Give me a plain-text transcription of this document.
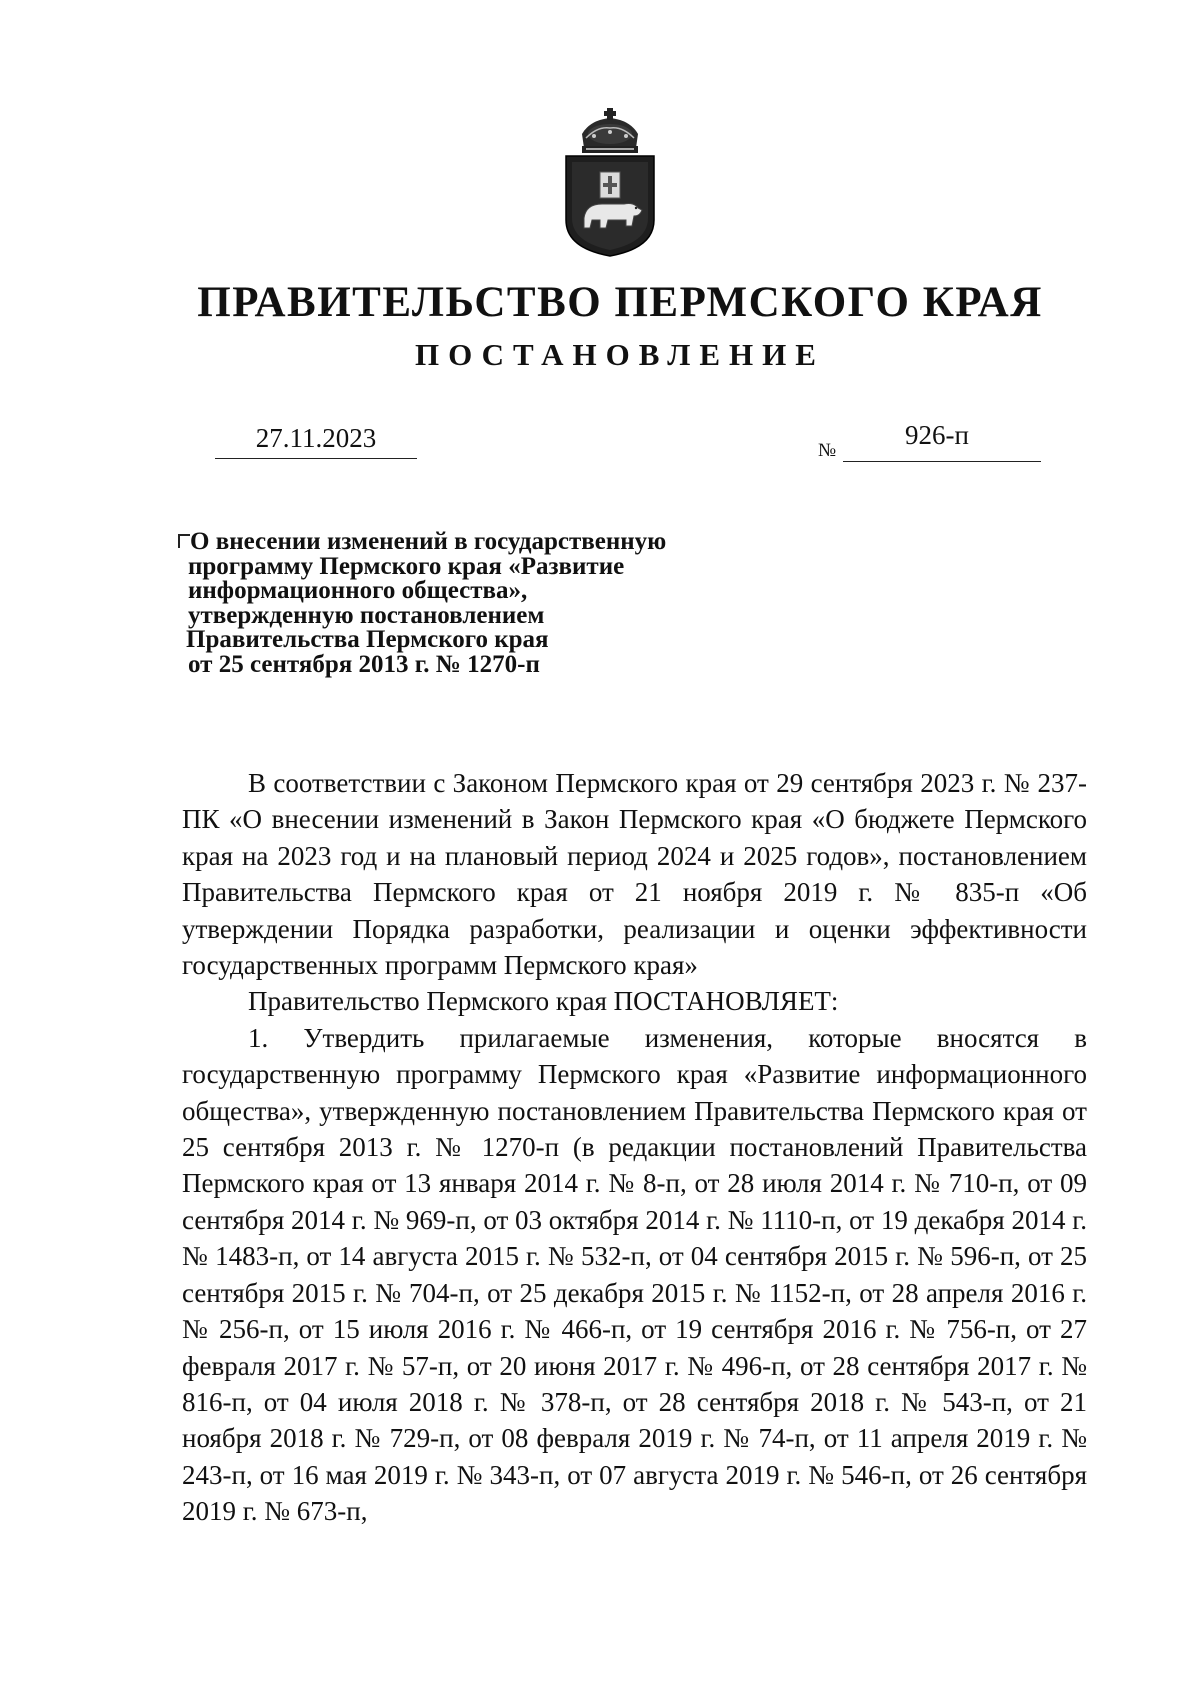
ПРАВИТЕЛЬСТВО ПЕРМСКОГО КРАЯ
ПОСТАНОВЛЕНИЕ
27.11.2023	№
926-п
О внесении изменений в государственную
программу Пермского края «Развитие
информационного общества»,
утвержденную постановлением
Правительства Пермского края
от 25 сентября 2013 г. № 1270-п

В соответствии с Законом Пермского края от 29 сентября 2023 г. № 237-ПК «О внесении изменений в Закон Пермского края «О бюджете Пермского края на 2023 год и на плановый период 2024 и 2025 годов», постановлением Правительства Пермского края от 21 ноября 2019 г. № 835-п «Об утверждении Порядка разработки, реализации и оценки эффективности государственных программ Пермского края»

Правительство Пермского края ПОСТАНОВЛЯЕТ:

1. Утвердить прилагаемые изменения, которые вносятся в государственную программу Пермского края «Развитие информационного общества», утвержденную постановлением Правительства Пермского края от 25 сентября 2013 г. № 1270-п (в редакции постановлений Правительства Пермского края от 13 января 2014 г. № 8-п, от 28 июля 2014 г. № 710-п, от 09 сентября 2014 г. № 969-п, от 03 октября 2014 г. № 1110-п, от 19 декабря 2014 г. № 1483-п, от 14 августа 2015 г. № 532-п, от 04 сентября 2015 г. № 596-п, от 25 сентября 2015 г. № 704-п, от 25 декабря 2015 г. № 1152-п, от 28 апреля 2016 г. № 256-п, от 15 июля 2016 г. № 466-п, от 19 сентября 2016 г. № 756-п, от 27 февраля 2017 г. № 57-п, от 20 июня 2017 г. № 496-п, от 28 сентября 2017 г. № 816-п, от 04 июля 2018 г. № 378-п, от 28 сентября 2018 г. № 543-п, от 21 ноября 2018 г. № 729-п, от 08 февраля 2019 г. № 74-п, от 11 апреля 2019 г. № 243-п, от 16 мая 2019 г. № 343-п, от 07 августа 2019 г. № 546-п, от 26 сентября 2019 г. № 673-п,
